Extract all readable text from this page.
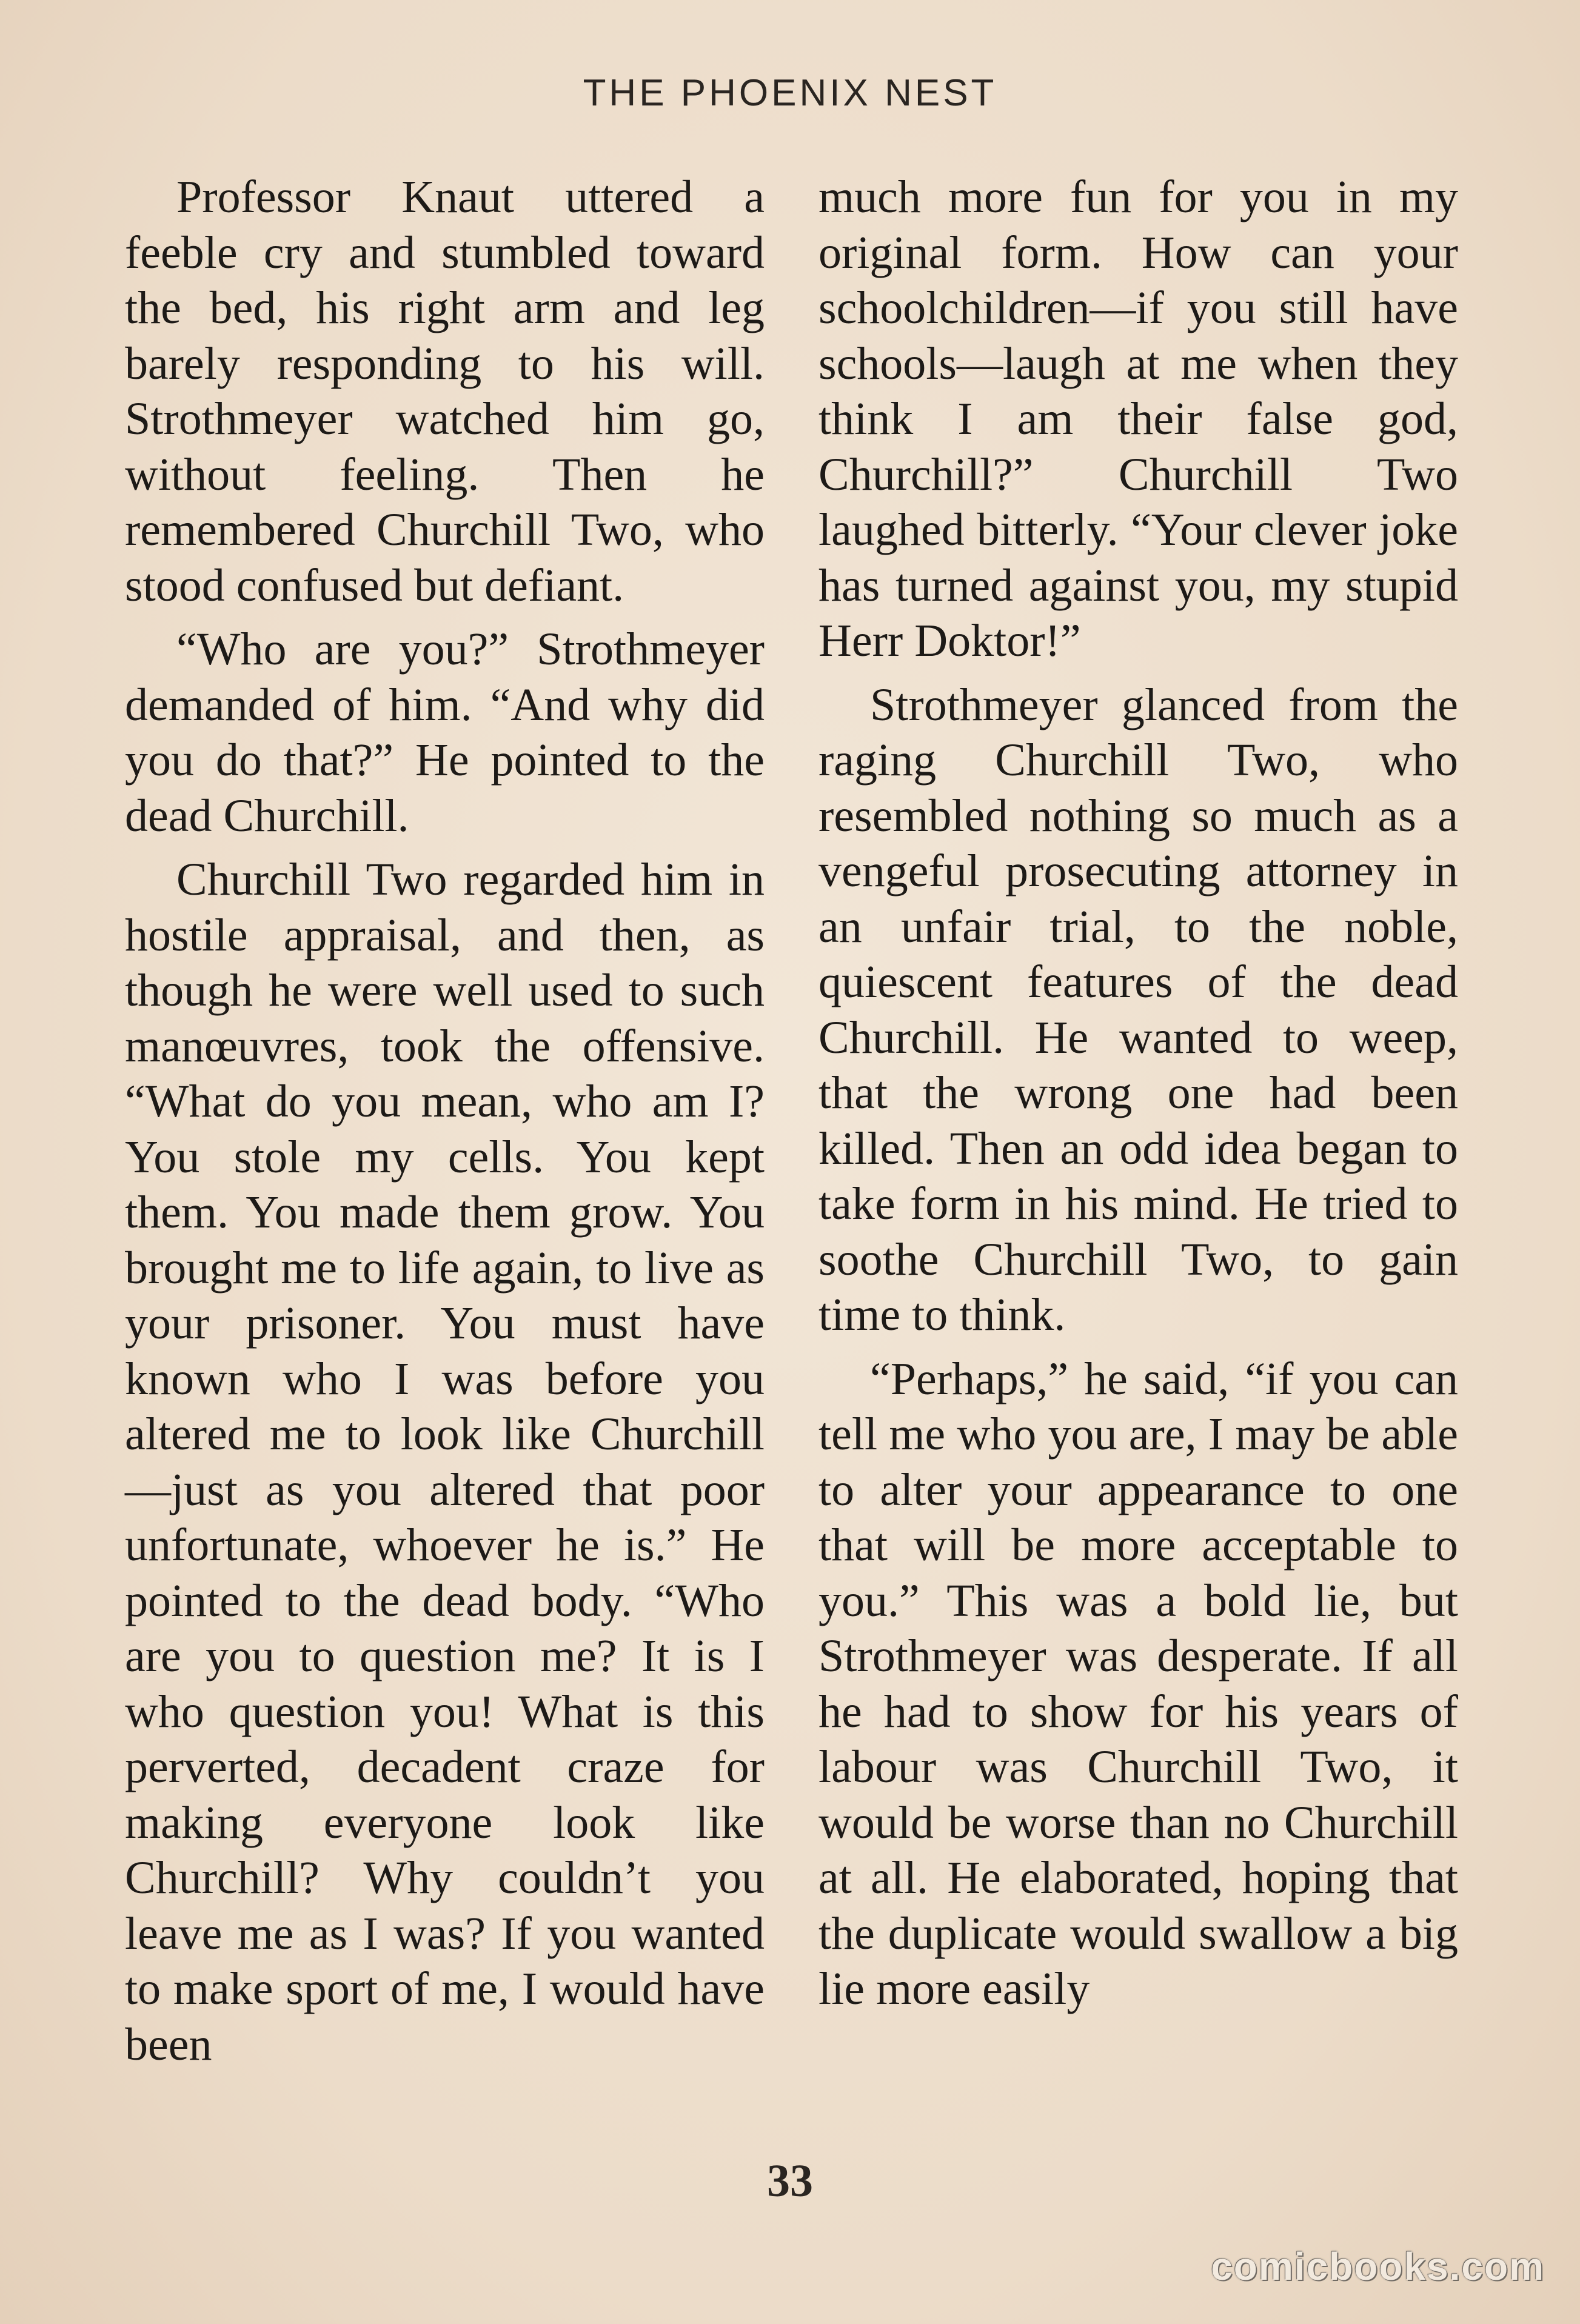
THE PHOENIX NEST

Professor Knaut uttered a feeble cry and stumbled toward the bed, his right arm and leg barely responding to his will. Strothmeyer watched him go, without feeling. Then he remembered Churchill Two, who stood confused but defiant.

“Who are you?” Strothmeyer demanded of him. “And why did you do that?” He pointed to the dead Churchill.

Churchill Two regarded him in hostile appraisal, and then, as though he were well used to such manœuvres, took the offensive. “What do you mean, who am I? You stole my cells. You kept them. You made them grow. You brought me to life again, to live as your prisoner. You must have known who I was before you altered me to look like Churchill—just as you altered that poor unfortunate, whoever he is.” He pointed to the dead body. “Who are you to question me? It is I who question you! What is this perverted, decadent craze for making everyone look like Churchill? Why couldn’t you leave me as I was? If you wanted to make sport of me, I would have been

much more fun for you in my original form. How can your schoolchildren—if you still have schools—laugh at me when they think I am their false god, Churchill?” Churchill Two laughed bitterly. “Your clever joke has turned against you, my stupid Herr Doktor!”

Strothmeyer glanced from the raging Churchill Two, who resembled nothing so much as a vengeful prosecuting attorney in an unfair trial, to the noble, quiescent features of the dead Churchill. He wanted to weep, that the wrong one had been killed. Then an odd idea began to take form in his mind. He tried to soothe Churchill Two, to gain time to think.

“Perhaps,” he said, “if you can tell me who you are, I may be able to alter your appearance to one that will be more acceptable to you.” This was a bold lie, but Strothmeyer was desperate. If all he had to show for his years of labour was Churchill Two, it would be worse than no Churchill at all. He elaborated, hoping that the duplicate would swallow a big lie more easily

33
comicbooks.com
